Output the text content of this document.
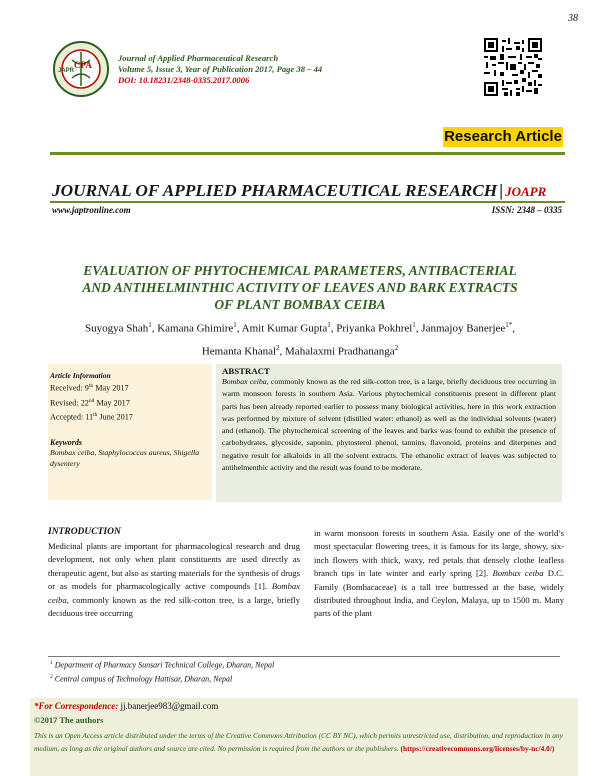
38
CPA
JAPR
Journal of Applied Pharmaceutical Research
Volume 5, Issue 3, Year of Publication 2017, Page 38 – 44
DOI: 10.18231/2348-0335.2017.0006
Research Article
JOURNAL OF APPLIED PHARMACEUTICAL RESEARCH | JOAPR
www.japtronline.com	ISSN: 2348 – 0335
EVALUATION OF PHYTOCHEMICAL PARAMETERS, ANTIBACTERIAL
AND ANTIHELMINTHIC ACTIVITY OF LEAVES AND BARK EXTRACTS
OF PLANT BOMBAX CEIBA
Suyogya Shah$^1$, Kamana Ghimire$^1$, Amit Kumar Gupta$^1$, Priyanka Pokhrel$^1$, Janmajoy Banerjee$^{1*}$,
Hemanta Khanal$^2$, Mahalaxmi Pradhananga$^2$
Article Information
Received: 9th May 2017
Revised: 22nd May 2017
Accepted: 11th June 2017
Keywords
Bombax ceiba, Staphylococcus aureus, Shigella dysentery
ABSTRACT
Bombax ceiba, commonly known as the red silk-cotton tree, is a large, briefly deciduous tree occurring in warm monsoon forests in southern Asia. Various phytochemical constituents present in different plant parts has been already reported earlier to possess many biological activities, here in this work extraction was performed by mixture of solvent (distilled water: ethanol) as well as the individual solvents (water) and (ethanol). The phytochemical screening of the leaves and barks was found to exhibit the presence of carbohydrates, glycoside, saponin, phytosterol phenol, tannins, flavonoid, proteins and diterpenes and negative result for alkaloids in all the solvent extracts. The ethanolic extract of leaves was subjected to antihelmenthic activity and the result was found to be moderate.
INTRODUCTION
Medicinal plants are important for pharmacological research and drug development, not only when plant constituents are used directly as therapeutic agent, but also as starting materials for the synthesis of drugs or as models for pharmacologically active compounds [1]. Bombax ceiba, commonly known as the red silk-cotton tree, is a large, briefly deciduous tree occurring
in warm monsoon forests in southern Asia. Easily one of the world’s most spectacular flowering trees, it is famous for its large, showy, six-inch flowers with thick, waxy, red petals that densely clothe leafless branch tips in late winter and early spring [2]. Bombax ceiba D.C. Family (Bombacaceae) is a tall tree buttressed at the base, widely distributed throughout India, and Ceylon, Malaya, up to 1500 m. Many parts of the plant
$^1$ Department of Pharmacy Sunsari Technical College, Dharan, Nepal
$^2$ Central campus of Technology Hattisar, Dharan, Nepal
*For Correspondence: jj.banerjee983@gmail.com
©2017 The authors
This is an Open Access article distributed under the terms of the Creative Commons Attribution (CC BY NC), which permits unrestricted use, distribution, and reproduction in any medium, as long as the original authors and source are cited. No permission is required from the authors or the publishers. (https://creativecommons.org/licenses/by-nc/4.0/)
